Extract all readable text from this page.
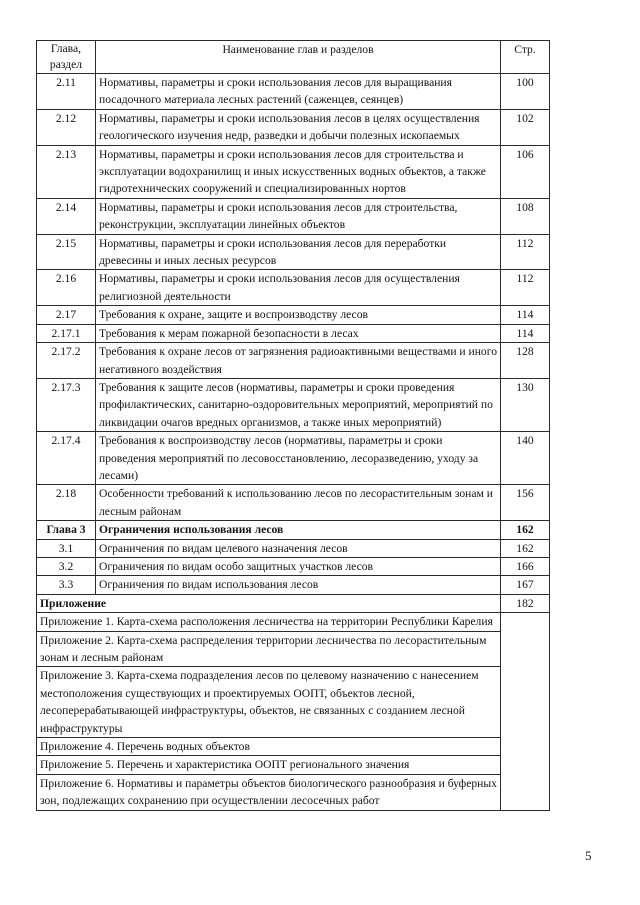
Глава, раздел	Наименование глав и разделов	Стр.
2.11	Нормативы, параметры и сроки использования лесов для выращивания посадочного материала лесных растений (саженцев, сеянцев)	100
2.12	Нормативы, параметры и сроки использования лесов в целях осуществления геологического изучения недр, разведки и добычи полезных ископаемых	102
2.13	Нормативы, параметры и сроки использования лесов для строительства и эксплуатации водохранилищ и иных искусственных водных объектов, а также гидротехнических сооружений и специализированных нортов	106
2.14	Нормативы, параметры и сроки использования лесов для строительства, реконструкции, эксплуатации линейных объектов	108
2.15	Нормативы, параметры и сроки использования лесов для переработки древесины и иных лесных ресурсов	112
2.16	Нормативы, параметры и сроки использования лесов для осуществления религиозной деятельности	112
2.17	Требования к охране, защите и воспроизводству лесов	114
2.17.1	Требования к мерам пожарной безопасности в лесах	114
2.17.2	Требования к охране лесов от загрязнения радиоактивными веществами и иного негативного воздействия	128
2.17.3	Требования к защите лесов (нормативы, параметры и сроки проведения профилактических, санитарно-оздоровительных мероприятий, мероприятий по ликвидации очагов вредных организмов, а также иных мероприятий)	130
2.17.4	Требования к воспроизводству лесов (нормативы, параметры и сроки проведения мероприятий по лесовосстановлению, лесоразведению, уходу за лесами)	140
2.18	Особенности требований к использованию лесов по лесорастительным зонам и лесным районам	156
Глава 3	Ограничения использования лесов	162
3.1	Ограничения по видам целевого назначения лесов	162
3.2	Ограничения по видам особо защитных участков лесов	166
3.3	Ограничения по видам использования лесов	167
Приложение		182
Приложение 1. Карта-схема расположения лесничества на территории Республики Карелия		
Приложение 2. Карта-схема распределения территории лесничества по лесорастительным зонам и лесным районам		
Приложение 3. Карта-схема подразделения лесов по целевому назначению с нанесением местоположения существующих и проектируемых ООПТ, объектов лесной, лесоперерабатывающей инфраструктуры, объектов, не связанных с созданием лесной инфраструктуры		
Приложение 4. Перечень водных объектов		
Приложение 5. Перечень и характеристика ООПТ регионального значения		
Приложение 6. Нормативы и параметры объектов биологического разнообразия и буферных зон, подлежащих сохранению при осуществлении лесосечных работ		
5
